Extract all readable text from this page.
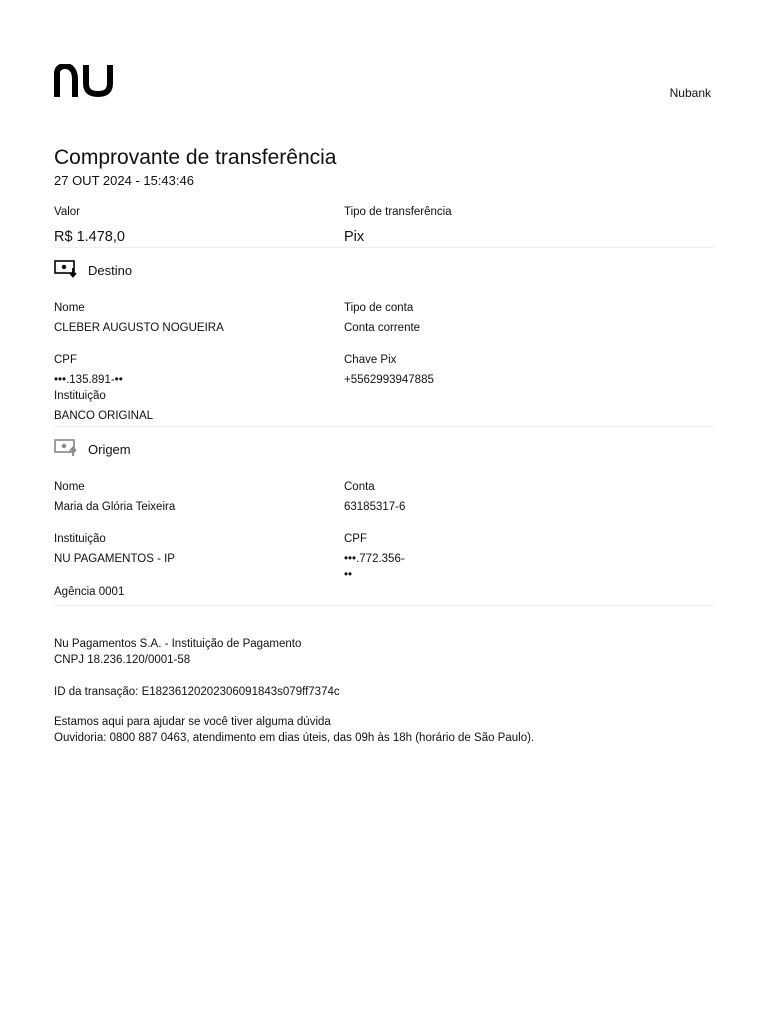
Nubank
Comprovante de transferência
27 OUT 2024 - 15:43:46
Valor
R$ 1.478,0
Tipo de transferência
Pix
Destino
Nome
CLEBER AUGUSTO NOGUEIRA
Tipo de conta
Conta corrente
CPF
•••.135.891-••
Chave Pix
+5562993947885
Instituição
BANCO ORIGINAL
Origem
Nome
Maria da Glória Teixeira
Conta
63185317-6
Instituição
NU PAGAMENTOS - IP
CPF
•••.772.356-
••
Agência 0001
Nu Pagamentos S.A. - Instituição de Pagamento
CNPJ 18.236.120/0001-58
ID da transação: E18236120202306091843s079ff7374c
Estamos aqui para ajudar se você tiver alguma dúvida
Ouvidoria: 0800 887 0463, atendimento em dias úteis, das 09h às 18h (horário de São Paulo).
